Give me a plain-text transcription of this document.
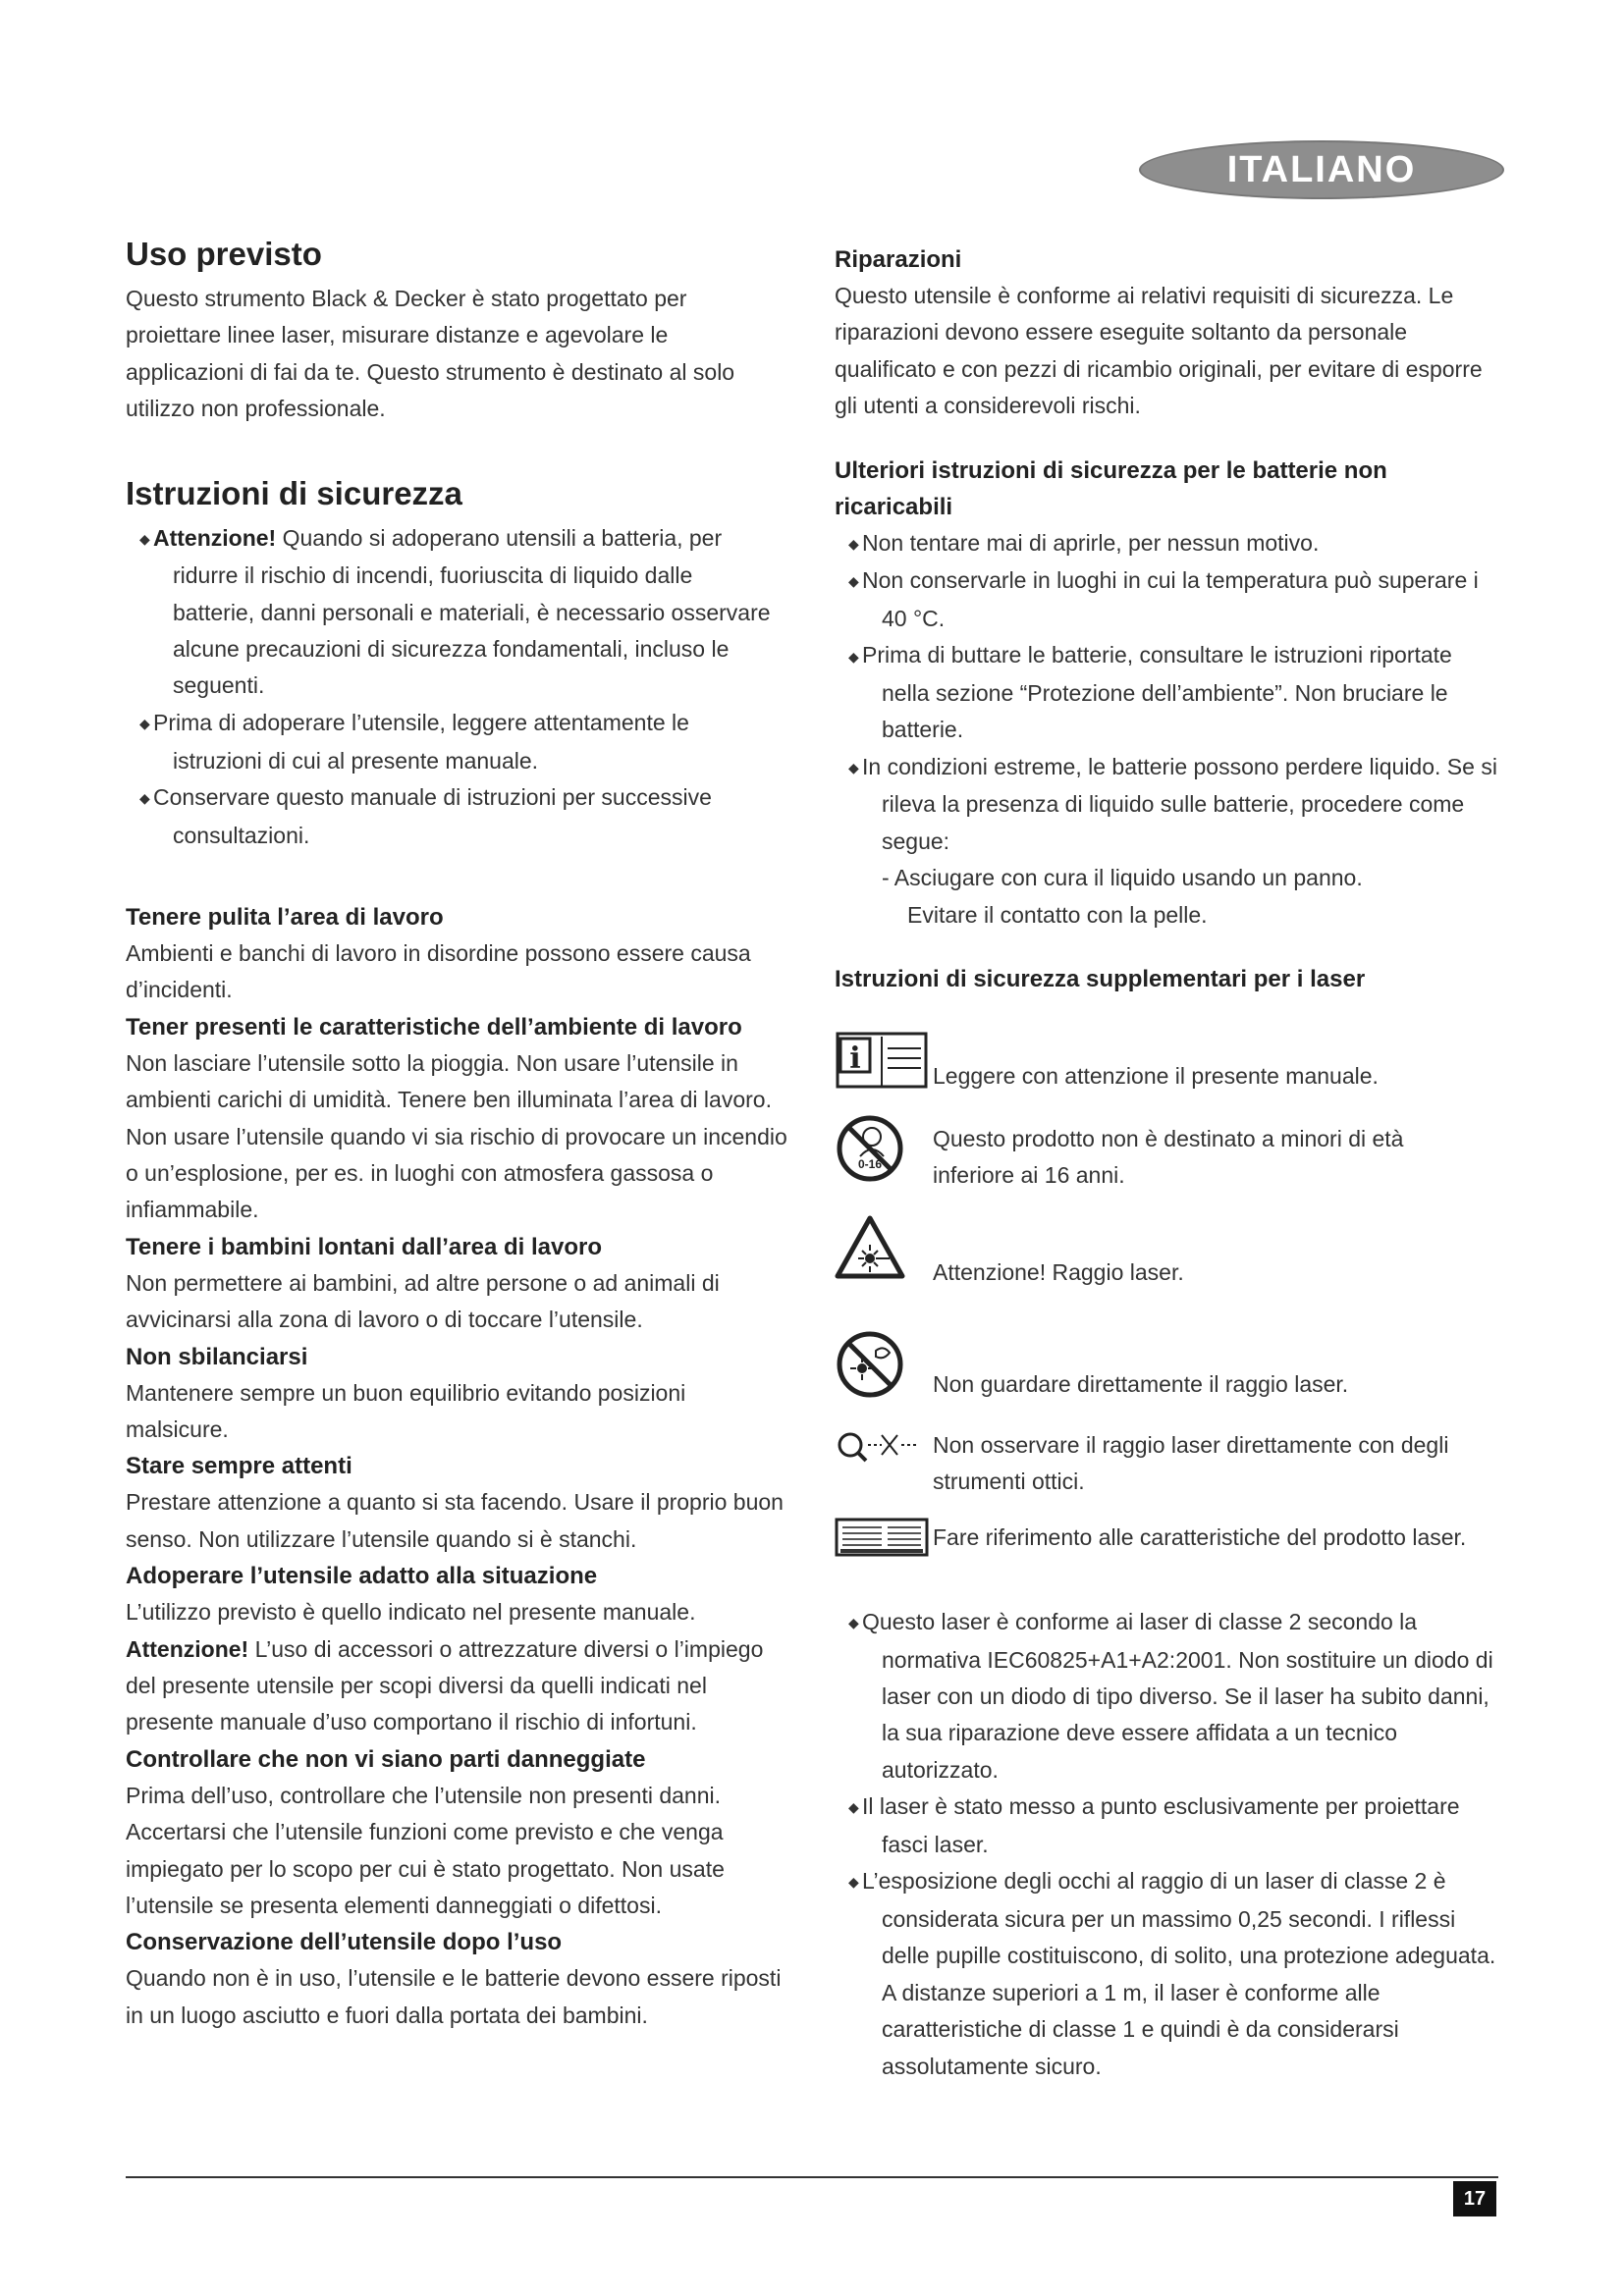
ITALIANO
Uso previsto

Questo strumento Black & Decker è stato progettato per proiettare linee laser, misurare distanze e agevolare le applicazioni di fai da te. Questo strumento è destinato al solo utilizzo non professionale.

Istruzioni di sicurezza
◆ Attenzione! Quando si adoperano utensili a batteria, per ridurre il rischio di incendi, fuoriuscita di liquido dalle batterie, danni personali e materiali, è necessario osservare alcune precauzioni di sicurezza fondamentali, incluso le seguenti.
◆ Prima di adoperare l’utensile, leggere attentamente le istruzioni di cui al presente manuale.
◆ Conservare questo manuale di istruzioni per successive consultazioni.
Tenere pulita l’area di lavoro

Ambienti e banchi di lavoro in disordine possono essere causa d’incidenti.

Tener presenti le caratteristiche dell’ambiente di lavoro

Non lasciare l’utensile sotto la pioggia. Non usare l’utensile in ambienti carichi di umidità. Tenere ben illuminata l’area di lavoro. Non usare l’utensile quando vi sia rischio di provocare un incendio o un’esplosione, per es. in luoghi con atmosfera gassosa o infiammabile.

Tenere i bambini lontani dall’area di lavoro

Non permettere ai bambini, ad altre persone o ad animali di avvicinarsi alla zona di lavoro o di toccare l’utensile.

Non sbilanciarsi

Mantenere sempre un buon equilibrio evitando posizioni malsicure.

Stare sempre attenti

Prestare attenzione a quanto si sta facendo. Usare il proprio buon senso. Non utilizzare l’utensile quando si è stanchi.

Adoperare l’utensile adatto alla situazione

L’utilizzo previsto è quello indicato nel presente manuale.

Attenzione! L’uso di accessori o attrezzature diversi o l’impiego del presente utensile per scopi diversi da quelli indicati nel presente manuale d’uso comportano il rischio di infortuni.

Controllare che non vi siano parti danneggiate

Prima dell’uso, controllare che l’utensile non presenti danni. Accertarsi che l’utensile funzioni come previsto e che venga impiegato per lo scopo per cui è stato progettato. Non usate l’utensile se presenta elementi danneggiati o difettosi.

Conservazione dell’utensile dopo l’uso

Quando non è in uso, l’utensile e le batterie devono essere riposti in un luogo asciutto e fuori dalla portata dei bambini.

Riparazioni

Questo utensile è conforme ai relativi requisiti di sicurezza. Le riparazioni devono essere eseguite soltanto da personale qualificato e con pezzi di ricambio originali, per evitare di esporre gli utenti a considerevoli rischi.

Ulteriori istruzioni di sicurezza per le batterie non ricaricabili
◆ Non tentare mai di aprirle, per nessun motivo.
◆ Non conservarle in luoghi in cui la temperatura può superare i 40 °C.
◆ Prima di buttare le batterie, consultare le istruzioni riportate nella sezione “Protezione dell’ambiente”. Non bruciare le batterie.
◆ In condizioni estreme, le batterie possono perdere liquido. Se si rileva la presenza di liquido sulle batterie, procedere come segue:
- Asciugare con cura il liquido usando un panno.
Evitare il contatto con la pelle.
Istruzioni di sicurezza supplementari per i laser
i	Leggere con attenzione il presente manuale.
0-16
Questo prodotto non è destinato a minori di età inferiore ai 16 anni.
Attenzione! Raggio laser.
Non guardare direttamente il raggio laser.
Non osservare il raggio laser direttamente con degli strumenti ottici.
Fare riferimento alle caratteristiche del prodotto laser.
◆ Questo laser è conforme ai laser di classe 2 secondo la normativa IEC60825+A1+A2:2001. Non sostituire un diodo di laser con un diodo di tipo diverso. Se il laser ha subito danni, la sua riparazione deve essere affidata a un tecnico autorizzato.
◆ Il laser è stato messo a punto esclusivamente per proiettare fasci laser.
◆ L’esposizione degli occhi al raggio di un laser di classe 2 è considerata sicura per un massimo 0,25 secondi. I riflessi delle pupille costituiscono, di solito, una protezione adeguata. A distanze superiori a 1 m, il laser è conforme alle caratteristiche di classe 1 e quindi è da considerarsi assolutamente sicuro.
17
